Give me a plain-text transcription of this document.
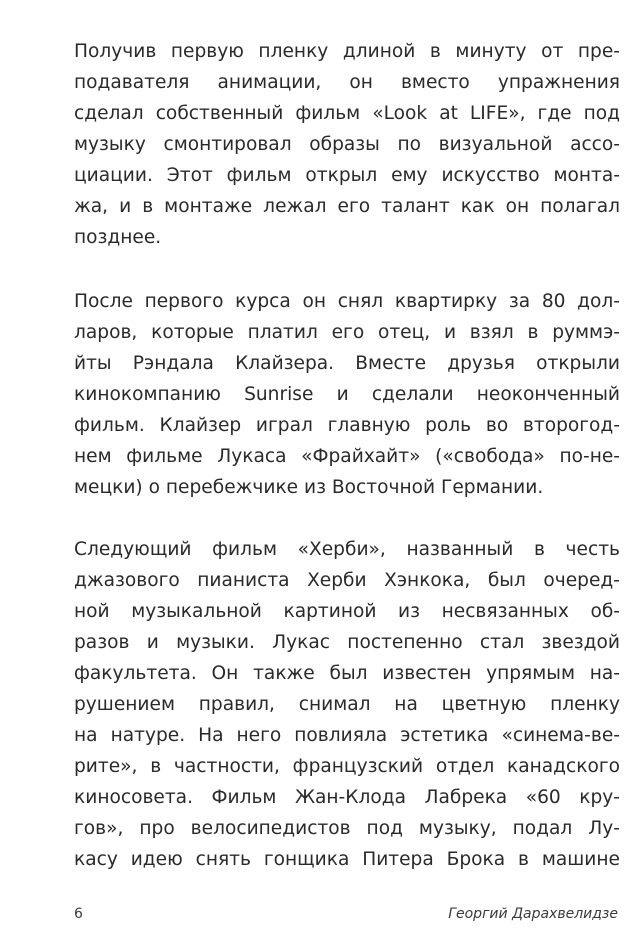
Получив первую пленку длиной в минуту от пре-
подавателя анимации, он вместо упражнения
сделал собственный фильм «Look at LIFE», где под
музыку смонтировал образы по визуальной ассо-
циации. Этот фильм открыл ему искусство монта-
жа, и в монтаже лежал его талант как он полагал
позднее.
После первого курса он снял квартирку за 80 дол-
ларов, которые платил его отец, и взял в руммэ-
йты Рэндала Клайзера. Вместе друзья открыли
кинокомпанию Sunrise и сделали неоконченный
фильм. Клайзер играл главную роль во второгод-
нем фильме Лукаса «Фрайхайт» («свобода» по-не-
мецки) о перебежчике из Восточной Германии.
Следующий фильм «Херби», названный в честь
джазового пианиста Херби Хэнкока, был очеред-
ной музыкальной картиной из несвязанных об-
разов и музыки. Лукас постепенно стал звездой
факультета. Он также был известен упрямым на-
рушением правил, снимал на цветную пленку
на натуре. На него повлияла эстетика «синема-ве-
рите», в частности, французский отдел канадского
киносовета. Фильм Жан-Клода Лабрека «60 кру-
гов», про велосипедистов под музыку, подал Лу-
касу идею снять гонщика Питера Брока в машине
6	Георгий Дарахвелидзе
